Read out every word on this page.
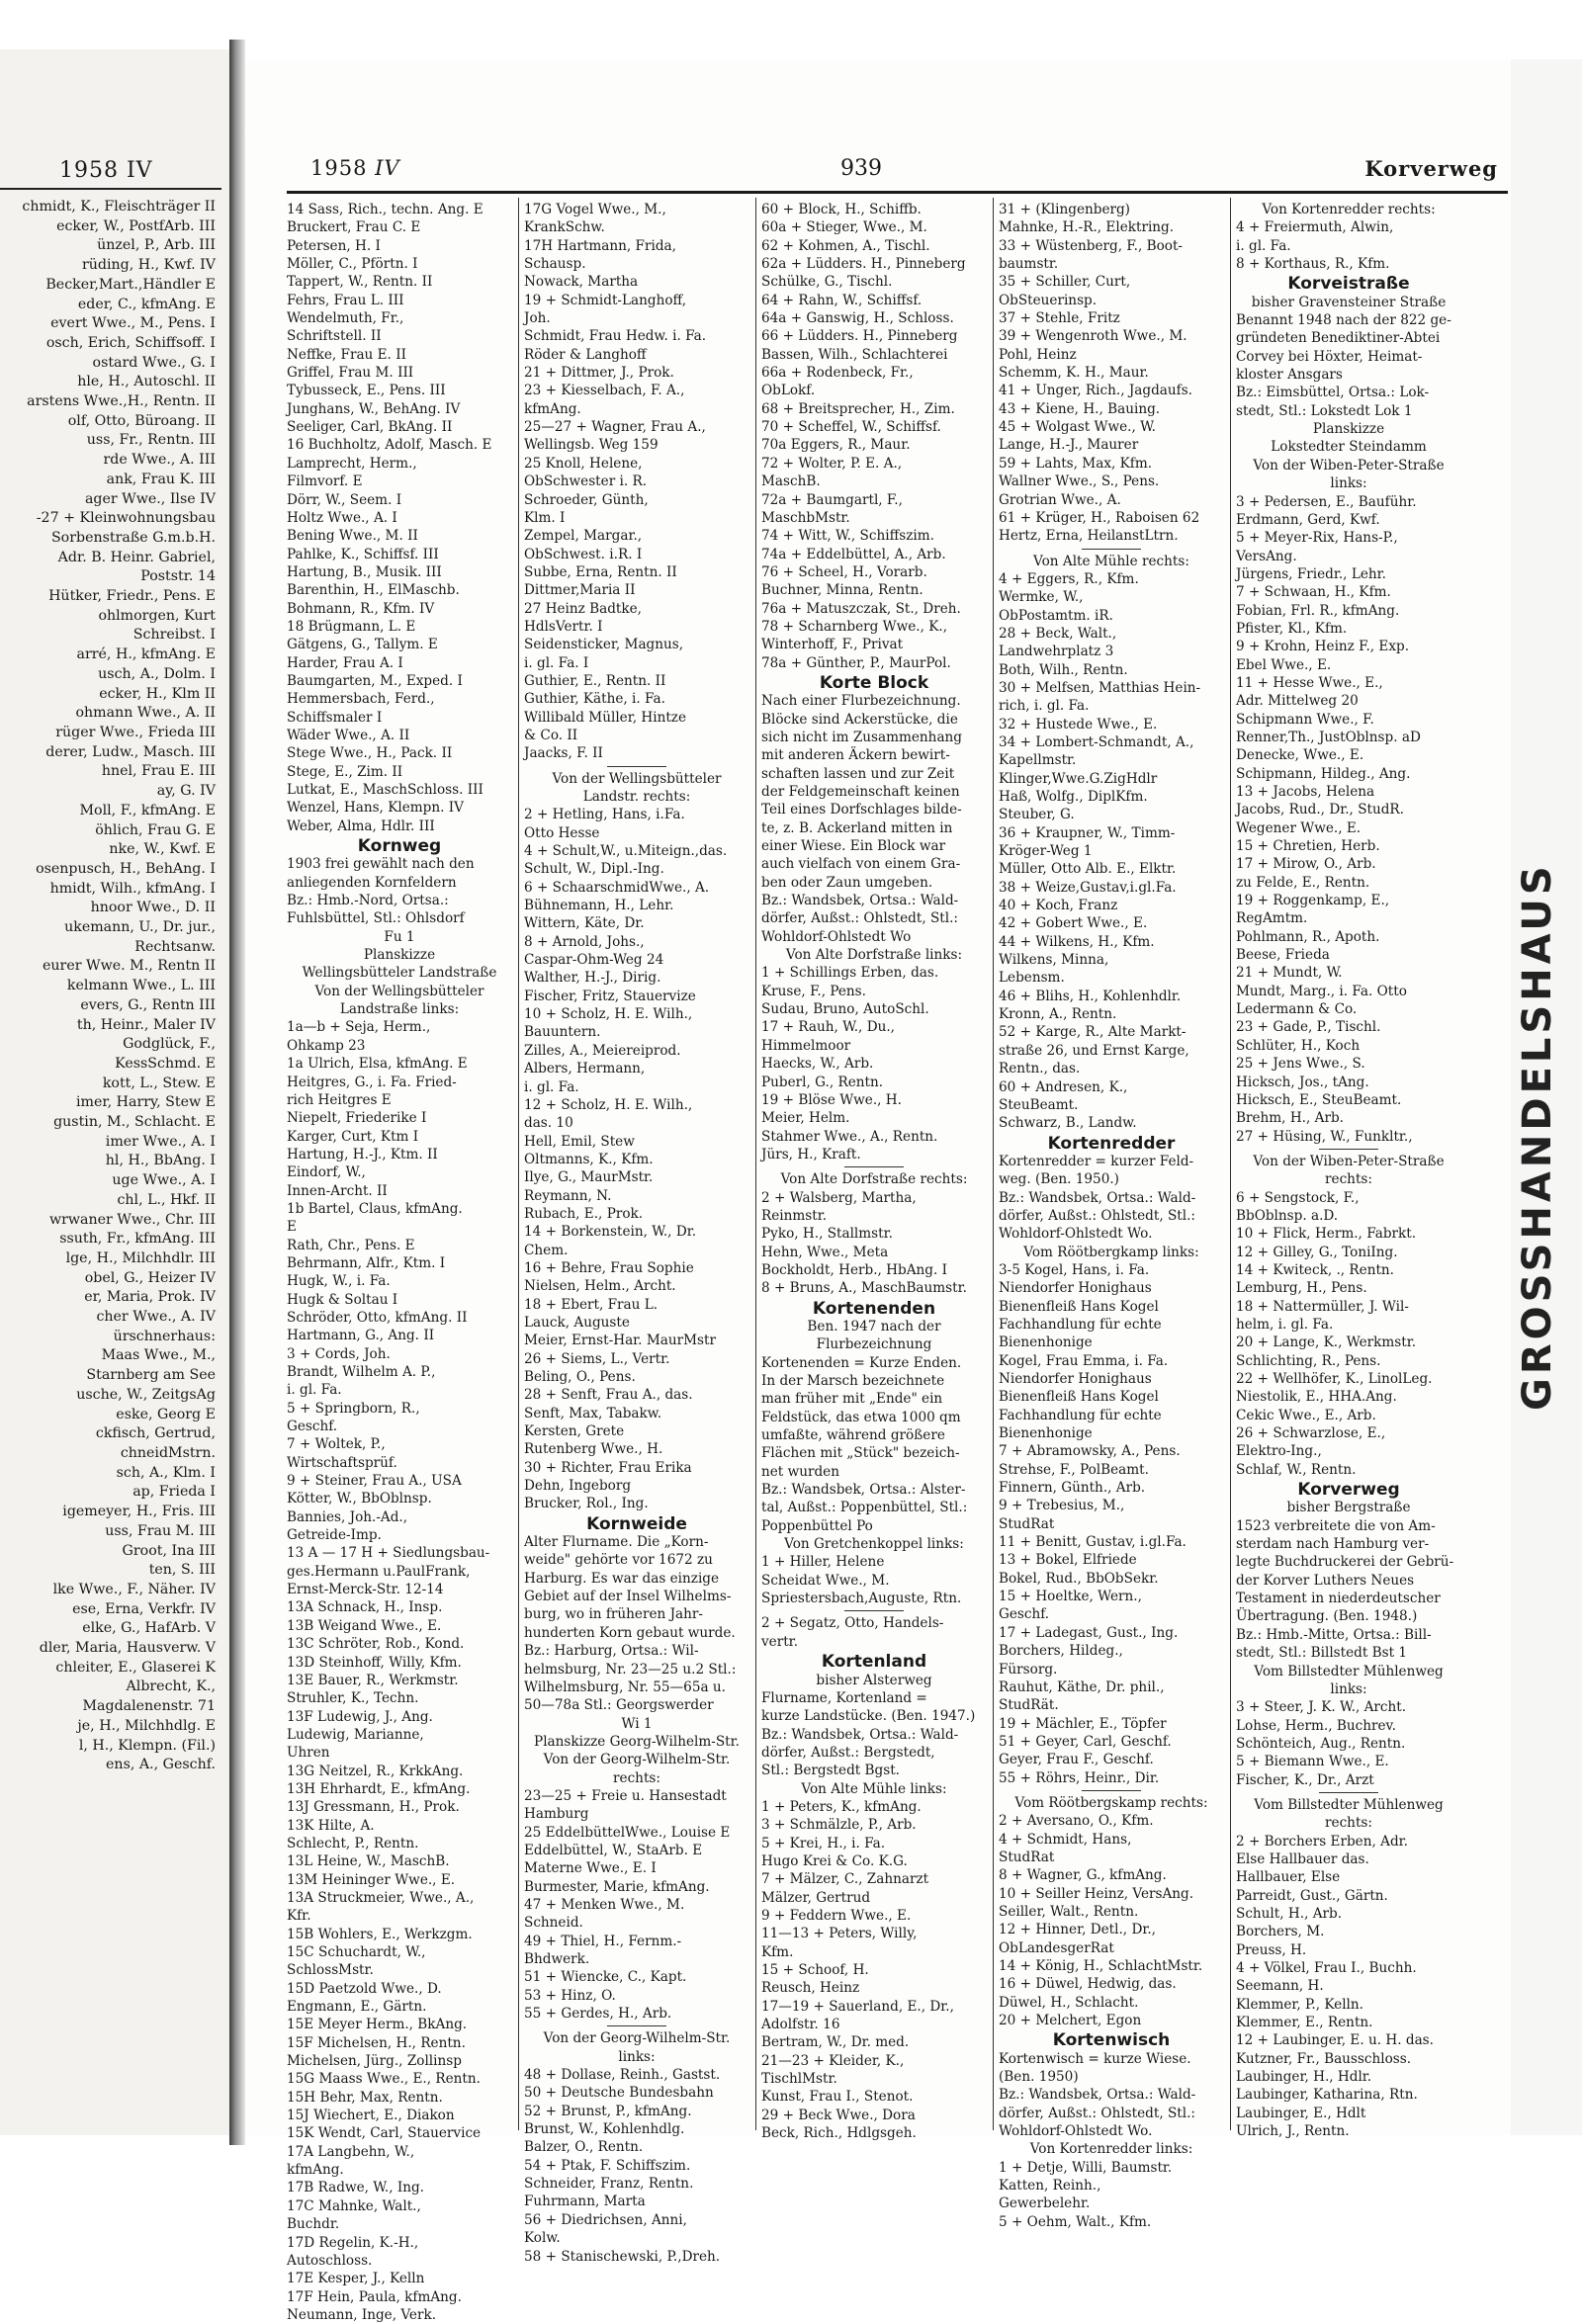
1958 IV
chmidt, K., Fleischträger II
ecker, W., PostfArb. III
ünzel, P., Arb. III
rüding, H., Kwf. IV
Becker,Mart.,Händler E
eder, C., kfmAng. E
evert Wwe., M., Pens. I
osch, Erich, Schiffsoff. I
ostard Wwe., G. I
hle, H., Autoschl. II
arstens Wwe.,H., Rentn. II
olf, Otto, Büroang. II
uss, Fr., Rentn. III
rde Wwe., A. III
ank, Frau K. III
ager Wwe., Ilse IV
-27 + Kleinwohnungsbau
Sorbenstraße G.m.b.H.
Adr. B. Heinr. Gabriel,
Poststr. 14
Hütker, Friedr., Pens. E
ohlmorgen, Kurt
Schreibst. I
arré, H., kfmAng. E
usch, A., Dolm. I
ecker, H., Klm II
ohmann Wwe., A. II
rüger Wwe., Frieda III
derer, Ludw., Masch. III
hnel, Frau E. III
ay, G. IV
Moll, F., kfmAng. E
öhlich, Frau G. E
nke, W., Kwf. E
osenpusch, H., BehAng. I
hmidt, Wilh., kfmAng. I
hnoor Wwe., D. II
ukemann, U., Dr. jur.,
Rechtsanw.
eurer Wwe. M., Rentn II
kelmann Wwe., L. III
evers, G., Rentn III
th, Heinr., Maler IV
Godglück, F.,
KessSchmd. E
kott, L., Stew. E
imer, Harry, Stew E
gustin, M., Schlacht. E
imer Wwe., A. I
hl, H., BbAng. I
uge Wwe., A. I
chl, L., Hkf. II
wrwaner Wwe., Chr. III
ssuth, Fr., kfmAng. III
lge, H., Milchhdlr. III
obel, G., Heizer IV
er, Maria, Prok. IV
cher Wwe., A. IV
ürschnerhaus:
Maas Wwe., M.,
Starnberg am See
usche, W., ZeitgsAg
eske, Georg E
ckfisch, Gertrud,
chneidMstrn.
sch, A., Klm. I
ap, Frieda I
igemeyer, H., Fris. III
uss, Frau M. III
Groot, Ina III
ten, S. III
lke Wwe., F., Näher. IV
ese, Erna, Verkfr. IV
elke, G., HafArb. V
dler, Maria, Hausverw. V
chleiter, E., Glaserei K
Albrecht, K.,
Magdalenenstr. 71
je, H., Milchhdlg. E
l, H., Klempn. (Fil.)
ens, A., Geschf.
GROSSHANDELSHAUS
1958 IV	939	Korverweg
14 Sass, Rich., techn. Ang. E
Bruckert, Frau C. E
Petersen, H. I
Möller, C., Pförtn. I
Tappert, W., Rentn. II
Fehrs, Frau L. III
Wendelmuth, Fr.,
Schriftstell. II
Neffke, Frau E. II
Griffel, Frau M. III
Tybusseck, E., Pens. III
Junghans, W., BehAng. IV
Seeliger, Carl, BkAng. II
16 Buchholtz, Adolf, Masch. E
Lamprecht, Herm.,
Filmvorf. E
Dörr, W., Seem. I
Holtz Wwe., A. I
Bening Wwe., M. II
Pahlke, K., Schiffsf. III
Hartung, B., Musik. III
Barenthin, H., ElMaschb.
Bohmann, R., Kfm. IV
18 Brügmann, L. E
Gätgens, G., Tallym. E
Harder, Frau A. I
Baumgarten, M., Exped. I
Hemmersbach, Ferd.,
Schiffsmaler I
Wäder Wwe., A. II
Stege Wwe., H., Pack. II
Stege, E., Zim. II
Lutkat, E., MaschSchloss. III
Wenzel, Hans, Klempn. IV
Weber, Alma, Hdlr. III
Kornweg
1903 frei gewählt nach den
anliegenden Kornfeldern
Bz.: Hmb.-Nord, Ortsa.:
Fuhlsbüttel, Stl.: Ohlsdorf
Fu 1
Planskizze
Wellingsbütteler Landstraße
Von der Wellingsbütteler
Landstraße links:
1a—b + Seja, Herm.,
Ohkamp 23
1a Ulrich, Elsa, kfmAng. E
Heitgres, G., i. Fa. Fried-
rich Heitgres E
Niepelt, Friederike I
Karger, Curt, Ktm I
Hartung, H.-J., Ktm. II
Eindorf, W.,
Innen-Archt. II
1b Bartel, Claus, kfmAng.
E
Rath, Chr., Pens. E
Behrmann, Alfr., Ktm. I
Hugk, W., i. Fa.
Hugk & Soltau I
Schröder, Otto, kfmAng. II
Hartmann, G., Ang. II
3 + Cords, Joh.
Brandt, Wilhelm A. P.,
i. gl. Fa.
5 + Springborn, R.,
Geschf.
7 + Woltek, P.,
Wirtschaftsprüf.
9 + Steiner, Frau A., USA
Kötter, W., BbOblnsp.
Bannies, Joh.-Ad.,
Getreide-Imp.
13 A — 17 H + Siedlungsbau-
ges.Hermann u.PaulFrank,
Ernst-Merck-Str. 12-14
13A Schnack, H., Insp.
13B Weigand Wwe., E.
13C Schröter, Rob., Kond.
13D Steinhoff, Willy, Kfm.
13E Bauer, R., Werkmstr.
Struhler, K., Techn.
13F Ludewig, J., Ang.
Ludewig, Marianne,
Uhren
13G Neitzel, R., KrkkAng.
13H Ehrhardt, E., kfmAng.
13J Gressmann, H., Prok.
13K Hilte, A.
Schlecht, P., Rentn.
13L Heine, W., MaschB.
13M Heininger Wwe., E.
13A Struckmeier, Wwe., A.,
Kfr.
15B Wohlers, E., Werkzgm.
15C Schuchardt, W.,
SchlossMstr.
15D Paetzold Wwe., D.
Engmann, E., Gärtn.
15E Meyer Herm., BkAng.
15F Michelsen, H., Rentn.
Michelsen, Jürg., Zollinsp
15G Maass Wwe., E., Rentn.
15H Behr, Max, Rentn.
15J Wiechert, E., Diakon
15K Wendt, Carl, Stauervice
17A Langbehn, W.,
kfmAng.
17B Radwe, W., Ing.
17C Mahnke, Walt.,
Buchdr.
17D Regelin, K.-H.,
Autoschloss.
17E Kesper, J., Kelln
17F Hein, Paula, kfmAng.
Neumann, Inge, Verk.
17G Vogel Wwe., M.,
KrankSchw.
17H Hartmann, Frida,
Schausp.
Nowack, Martha
19 + Schmidt-Langhoff,
Joh.
Schmidt, Frau Hedw. i. Fa.
Röder & Langhoff
21 + Dittmer, J., Prok.
23 + Kiesselbach, F. A.,
kfmAng.
25—27 + Wagner, Frau A.,
Wellingsb. Weg 159
25 Knoll, Helene,
ObSchwester i. R.
Schroeder, Günth,
Klm. I
Zempel, Margar.,
ObSchwest. i.R. I
Subbe, Erna, Rentn. II
Dittmer,Maria II
27 Heinz Badtke,
HdlsVertr. I
Seidensticker, Magnus,
i. gl. Fa. I
Guthier, E., Rentn. II
Guthier, Käthe, i. Fa.
Willibald Müller, Hintze
& Co. II
Jaacks, F. II
Von der Wellingsbütteler
Landstr. rechts:
2 + Hetling, Hans, i.Fa.
Otto Hesse
4 + Schult,W., u.Miteign.,das.
Schult, W., Dipl.-Ing.
6 + SchaarschmidWwe., A.
Bühnemann, H., Lehr.
Wittern, Käte, Dr.
8 + Arnold, Johs.,
Caspar-Ohm-Weg 24
Walther, H.-J., Dirig.
Fischer, Fritz, Stauervize
10 + Scholz, H. E. Wilh.,
Bauuntern.
Zilles, A., Meiereiprod.
Albers, Hermann,
i. gl. Fa.
12 + Scholz, H. E. Wilh.,
das. 10
Hell, Emil, Stew
Oltmanns, K., Kfm.
Ilye, G., MaurMstr.
Reymann, N.
Rubach, E., Prok.
14 + Borkenstein, W., Dr.
Chem.
16 + Behre, Frau Sophie
Nielsen, Helm., Archt.
18 + Ebert, Frau L.
Lauck, Auguste
Meier, Ernst-Har. MaurMstr
26 + Siems, L., Vertr.
Beling, O., Pens.
28 + Senft, Frau A., das.
Senft, Max, Tabakw.
Kersten, Grete
Rutenberg Wwe., H.
30 + Richter, Frau Erika
Dehn, Ingeborg
Brucker, Rol., Ing.
Kornweide
Alter Flurname. Die „Korn-
weide" gehörte vor 1672 zu
Harburg. Es war das einzige
Gebiet auf der Insel Wilhelms-
burg, wo in früheren Jahr-
hunderten Korn gebaut wurde.
Bz.: Harburg, Ortsa.: Wil-
helmsburg, Nr. 23—25 u.2 Stl.:
Wilhelmsburg, Nr. 55—65a u.
50—78a Stl.: Georgswerder
Wi 1
Planskizze Georg-Wilhelm-Str.
Von der Georg-Wilhelm-Str.
rechts:
23—25 + Freie u. Hansestadt
Hamburg
25 EddelbüttelWwe., Louise E
Eddelbüttel, W., StaArb. E
Materne Wwe., E. I
Burmester, Marie, kfmAng.
47 + Menken Wwe., M.
Schneid.
49 + Thiel, H., Fernm.-
Bhdwerk.
51 + Wiencke, C., Kapt.
53 + Hinz, O.
55 + Gerdes, H., Arb.
Von der Georg-Wilhelm-Str.
links:
48 + Dollase, Reinh., Gastst.
50 + Deutsche Bundesbahn
52 + Brunst, P., kfmAng.
Brunst, W., Kohlenhdlg.
Balzer, O., Rentn.
54 + Ptak, F. Schiffszim.
Schneider, Franz, Rentn.
Fuhrmann, Marta
56 + Diedrichsen, Anni,
Kolw.
58 + Stanischewski, P.,Dreh.
60 + Block, H., Schiffb.
60a + Stieger, Wwe., M.
62 + Kohmen, A., Tischl.
62a + Lüdders. H., Pinneberg
Schülke, G., Tischl.
64 + Rahn, W., Schiffsf.
64a + Ganswig, H., Schloss.
66 + Lüdders. H., Pinneberg
Bassen, Wilh., Schlachterei
66a + Rodenbeck, Fr.,
ObLokf.
68 + Breitsprecher, H., Zim.
70 + Scheffel, W., Schiffsf.
70a Eggers, R., Maur.
72 + Wolter, P. E. A.,
MaschB.
72a + Baumgartl, F.,
MaschbMstr.
74 + Witt, W., Schiffszim.
74a + Eddelbüttel, A., Arb.
76 + Scheel, H., Vorarb.
Buchner, Minna, Rentn.
76a + Matuszczak, St., Dreh.
78 + Scharnberg Wwe., K.,
Winterhoff, F., Privat
78a + Günther, P., MaurPol.
Korte Block
Nach einer Flurbezeichnung.
Blöcke sind Ackerstücke, die
sich nicht im Zusammenhang
mit anderen Äckern bewirt-
schaften lassen und zur Zeit
der Feldgemeinschaft keinen
Teil eines Dorfschlages bilde-
te, z. B. Ackerland mitten in
einer Wiese. Ein Block war
auch vielfach von einem Gra-
ben oder Zaun umgeben.
Bz.: Wandsbek, Ortsa.: Wald-
dörfer, Außst.: Ohlstedt, Stl.:
Wohldorf-Ohlstedt Wo
Von Alte Dorfstraße links:
1 + Schillings Erben, das.
Kruse, F., Pens.
Sudau, Bruno, AutoSchl.
17 + Rauh, W., Du.,
Himmelmoor
Haecks, W., Arb.
Puberl, G., Rentn.
19 + Blöse Wwe., H.
Meier, Helm.
Stahmer Wwe., A., Rentn.
Jürs, H., Kraft.
Von Alte Dorfstraße rechts:
2 + Walsberg, Martha,
Reinmstr.
Pyko, H., Stallmstr.
Hehn, Wwe., Meta
Bockholdt, Herb., HbAng. I
8 + Bruns, A., MaschBaumstr.
Kortenenden
Ben. 1947 nach der
Flurbezeichnung
Kortenenden = Kurze Enden.
In der Marsch bezeichnete
man früher mit „Ende" ein
Feldstück, das etwa 1000 qm
umfaßte, während größere
Flächen mit „Stück" bezeich-
net wurden
Bz.: Wandsbek, Ortsa.: Alster-
tal, Außst.: Poppenbüttel, Stl.:
Poppenbüttel Po
Von Gretchenkoppel links:
1 + Hiller, Helene
Scheidat Wwe., M.
Spriestersbach,Auguste, Rtn.
2 + Segatz, Otto, Handels-
vertr.
Kortenland
bisher Alsterweg
Flurname, Kortenland =
kurze Landstücke. (Ben. 1947.)
Bz.: Wandsbek, Ortsa.: Wald-
dörfer, Außst.: Bergstedt,
Stl.: Bergstedt Bgst.
Von Alte Mühle links:
1 + Peters, K., kfmAng.
3 + Schmälzle, P., Arb.
5 + Krei, H., i. Fa.
Hugo Krei & Co. K.G.
7 + Mälzer, C., Zahnarzt
Mälzer, Gertrud
9 + Feddern Wwe., E.
11—13 + Peters, Willy,
Kfm.
15 + Schoof, H.
Reusch, Heinz
17—19 + Sauerland, E., Dr.,
Adolfstr. 16
Bertram, W., Dr. med.
21—23 + Kleider, K.,
TischlMstr.
Kunst, Frau I., Stenot.
29 + Beck Wwe., Dora
Beck, Rich., Hdlgsgeh.
31 + (Klingenberg)
Mahnke, H.-R., Elektring.
33 + Wüstenberg, F., Boot-
baumstr.
35 + Schiller, Curt,
ObSteuerinsp.
37 + Stehle, Fritz
39 + Wengenroth Wwe., M.
Pohl, Heinz
Schemm, K. H., Maur.
41 + Unger, Rich., Jagdaufs.
43 + Kiene, H., Bauing.
45 + Wolgast Wwe., W.
Lange, H.-J., Maurer
59 + Lahts, Max, Kfm.
Wallner Wwe., S., Pens.
Grotrian Wwe., A.
61 + Krüger, H., Raboisen 62
Hertz, Erna, HeilanstLtrn.
Von Alte Mühle rechts:
4 + Eggers, R., Kfm.
Wermke, W.,
ObPostamtm. iR.
28 + Beck, Walt.,
Landwehrplatz 3
Both, Wilh., Rentn.
30 + Melfsen, Matthias Hein-
rich, i. gl. Fa.
32 + Hustede Wwe., E.
34 + Lombert-Schmandt, A.,
Kapellmstr.
Klinger,Wwe.G.ZigHdlr
Haß, Wolfg., DiplKfm.
Steuber, G.
36 + Kraupner, W., Timm-
Kröger-Weg 1
Müller, Otto Alb. E., Elktr.
38 + Weize,Gustav,i.gl.Fa.
40 + Koch, Franz
42 + Gobert Wwe., E.
44 + Wilkens, H., Kfm.
Wilkens, Minna,
Lebensm.
46 + Blihs, H., Kohlenhdlr.
Kronn, A., Rentn.
52 + Karge, R., Alte Markt-
straße 26, und Ernst Karge,
Rentn., das.
60 + Andresen, K.,
SteuBeamt.
Schwarz, B., Landw.
Kortenredder
Kortenredder = kurzer Feld-
weg. (Ben. 1950.)
Bz.: Wandsbek, Ortsa.: Wald-
dörfer, Außst.: Ohlstedt, Stl.:
Wohldorf-Ohlstedt Wo.
Vom Röötbergkamp links:
3-5 Kogel, Hans, i. Fa.
Niendorfer Honighaus
Bienenfleiß Hans Kogel
Fachhandlung für echte
Bienenhonige
Kogel, Frau Emma, i. Fa.
Niendorfer Honighaus
Bienenfleiß Hans Kogel
Fachhandlung für echte
Bienenhonige
7 + Abramowsky, A., Pens.
Strehse, F., PolBeamt.
Finnern, Günth., Arb.
9 + Trebesius, M.,
StudRat
11 + Benitt, Gustav, i.gl.Fa.
13 + Bokel, Elfriede
Bokel, Rud., BbObSekr.
15 + Hoeltke, Wern.,
Geschf.
17 + Ladegast, Gust., Ing.
Borchers, Hildeg.,
Fürsorg.
Rauhut, Käthe, Dr. phil.,
StudRät.
19 + Mächler, E., Töpfer
51 + Geyer, Carl, Geschf.
Geyer, Frau F., Geschf.
55 + Röhrs, Heinr., Dir.
Vom Röötbergskamp rechts:
2 + Aversano, O., Kfm.
4 + Schmidt, Hans,
StudRat
8 + Wagner, G., kfmAng.
10 + Seiller Heinz, VersAng.
Seiller, Walt., Rentn.
12 + Hinner, Detl., Dr.,
ObLandesgerRat
14 + König, H., SchlachtMstr.
16 + Düwel, Hedwig, das.
Düwel, H., Schlacht.
20 + Melchert, Egon
Kortenwisch
Kortenwisch = kurze Wiese.
(Ben. 1950)
Bz.: Wandsbek, Ortsa.: Wald-
dörfer, Außst.: Ohlstedt, Stl.:
Wohldorf-Ohlstedt Wo.
Von Kortenredder links:
1 + Detje, Willi, Baumstr.
Katten, Reinh.,
Gewerbelehr.
5 + Oehm, Walt., Kfm.
Von Kortenredder rechts:
4 + Freiermuth, Alwin,
i. gl. Fa.
8 + Korthaus, R., Kfm.
Korveistraße
bisher Gravensteiner Straße
Benannt 1948 nach der 822 ge-
gründeten Benediktiner-Abtei
Corvey bei Höxter, Heimat-
kloster Ansgars
Bz.: Eimsbüttel, Ortsa.: Lok-
stedt, Stl.: Lokstedt Lok 1
Planskizze
Lokstedter Steindamm
Von der Wiben-Peter-Straße
links:
3 + Pedersen, E., Bauführ.
Erdmann, Gerd, Kwf.
5 + Meyer-Rix, Hans-P.,
VersAng.
Jürgens, Friedr., Lehr.
7 + Schwaan, H., Kfm.
Fobian, Frl. R., kfmAng.
Pfister, Kl., Kfm.
9 + Krohn, Heinz F., Exp.
Ebel Wwe., E.
11 + Hesse Wwe., E.,
Adr. Mittelweg 20
Schipmann Wwe., F.
Renner,Th., JustOblnsp. aD
Denecke, Wwe., E.
Schipmann, Hildeg., Ang.
13 + Jacobs, Helena
Jacobs, Rud., Dr., StudR.
Wegener Wwe., E.
15 + Chretien, Herb.
17 + Mirow, O., Arb.
zu Felde, E., Rentn.
19 + Roggenkamp, E.,
RegAmtm.
Pohlmann, R., Apoth.
Beese, Frieda
21 + Mundt, W.
Mundt, Marg., i. Fa. Otto
Ledermann & Co.
23 + Gade, P., Tischl.
Schlüter, H., Koch
25 + Jens Wwe., S.
Hicksch, Jos., tAng.
Hicksch, E., SteuBeamt.
Brehm, H., Arb.
27 + Hüsing, W., Funkltr.,
Von der Wiben-Peter-Straße
rechts:
6 + Sengstock, F.,
BbOblnsp. a.D.
10 + Flick, Herm., Fabrkt.
12 + Gilley, G., ToniIng.
14 + Kwiteck, ., Rentn.
Lemburg, H., Pens.
18 + Nattermüller, J. Wil-
helm, i. gl. Fa.
20 + Lange, K., Werkmstr.
Schlichting, R., Pens.
22 + Wellhöfer, K., LinolLeg.
Niestolik, E., HHA.Ang.
Cekic Wwe., E., Arb.
26 + Schwarzlose, E.,
Elektro-Ing.,
Schlaf, W., Rentn.
Korverweg
bisher Bergstraße
1523 verbreitete die von Am-
sterdam nach Hamburg ver-
legte Buchdruckerei der Gebrü-
der Korver Luthers Neues
Testament in niederdeutscher
Übertragung. (Ben. 1948.)
Bz.: Hmb.-Mitte, Ortsa.: Bill-
stedt, Stl.: Billstedt Bst 1
Vom Billstedter Mühlenweg
links:
3 + Steer, J. K. W., Archt.
Lohse, Herm., Buchrev.
Schönteich, Aug., Rentn.
5 + Biemann Wwe., E.
Fischer, K., Dr., Arzt
Vom Billstedter Mühlenweg
rechts:
2 + Borchers Erben, Adr.
Else Hallbauer das.
Hallbauer, Else
Parreidt, Gust., Gärtn.
Schult, H., Arb.
Borchers, M.
Preuss, H.
4 + Völkel, Frau I., Buchh.
Seemann, H.
Klemmer, P., Kelln.
Klemmer, E., Rentn.
12 + Laubinger, E. u. H. das.
Kutzner, Fr., Bausschloss.
Laubinger, H., Hdlr.
Laubinger, Katharina, Rtn.
Laubinger, E., Hdlt
Ulrich, J., Rentn.
